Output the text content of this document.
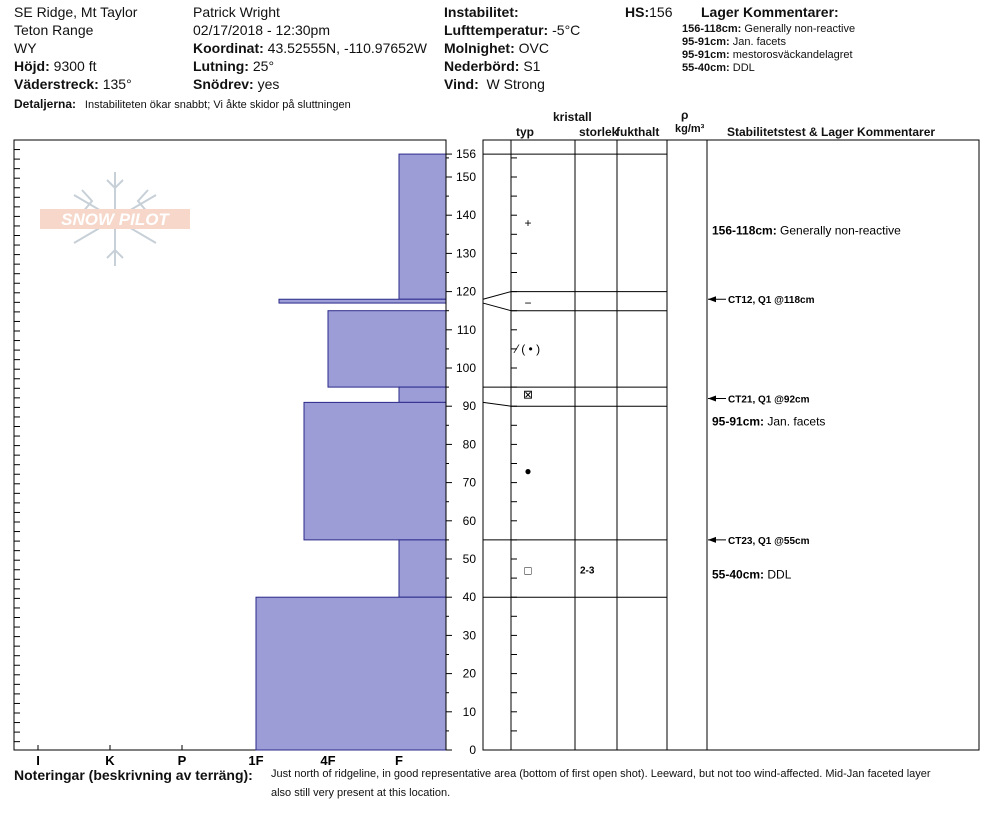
SE Ridge, Mt Taylor
Teton Range
WY
Höjd: 9300 ft
Väderstreck: 135°
Detaljerna: Instabiliteten ökar snabbt; Vi åkte skidor på sluttningen
Patrick Wright
02/17/2018 - 12:30pm
Koordinat: 43.52555N, -110.97652W
Lutning: 25°
Snödrev: yes
Instabilitet:
Lufttemperatur: -5°C
Molnighet: OVC
Nederbörd: S1
Vind: W Strong
HS:156 Lager Kommentarer:
156-118cm: Generally non-reactive
95-91cm: Jan. facets
95-91cm: mestorosväckandelagret
55-40cm: DDL
kristall
typ	storlek
fukthalt
ρ
kg/m³ Stabilitetstest & Lager Kommentarer
SNOW PILOT
I	K	P	1F	4F	F
0
10
20
30
40
50
60
70
80
90
100
110
120
130
140
150
156
+
−
⁄ ( • )
⊠
●
□	2-3
CT12, Q1 @118cm
CT21, Q1 @92cm
CT23, Q1 @55cm
156-118cm: Generally non-reactive
95-91cm: Jan. facets
55-40cm: DDL
Noteringar (beskrivning av terräng): Just north of ridgeline, in good representative area (bottom of first open shot). Leeward, but not too wind-affected. Mid-Jan faceted layer
also still very present at this location.
